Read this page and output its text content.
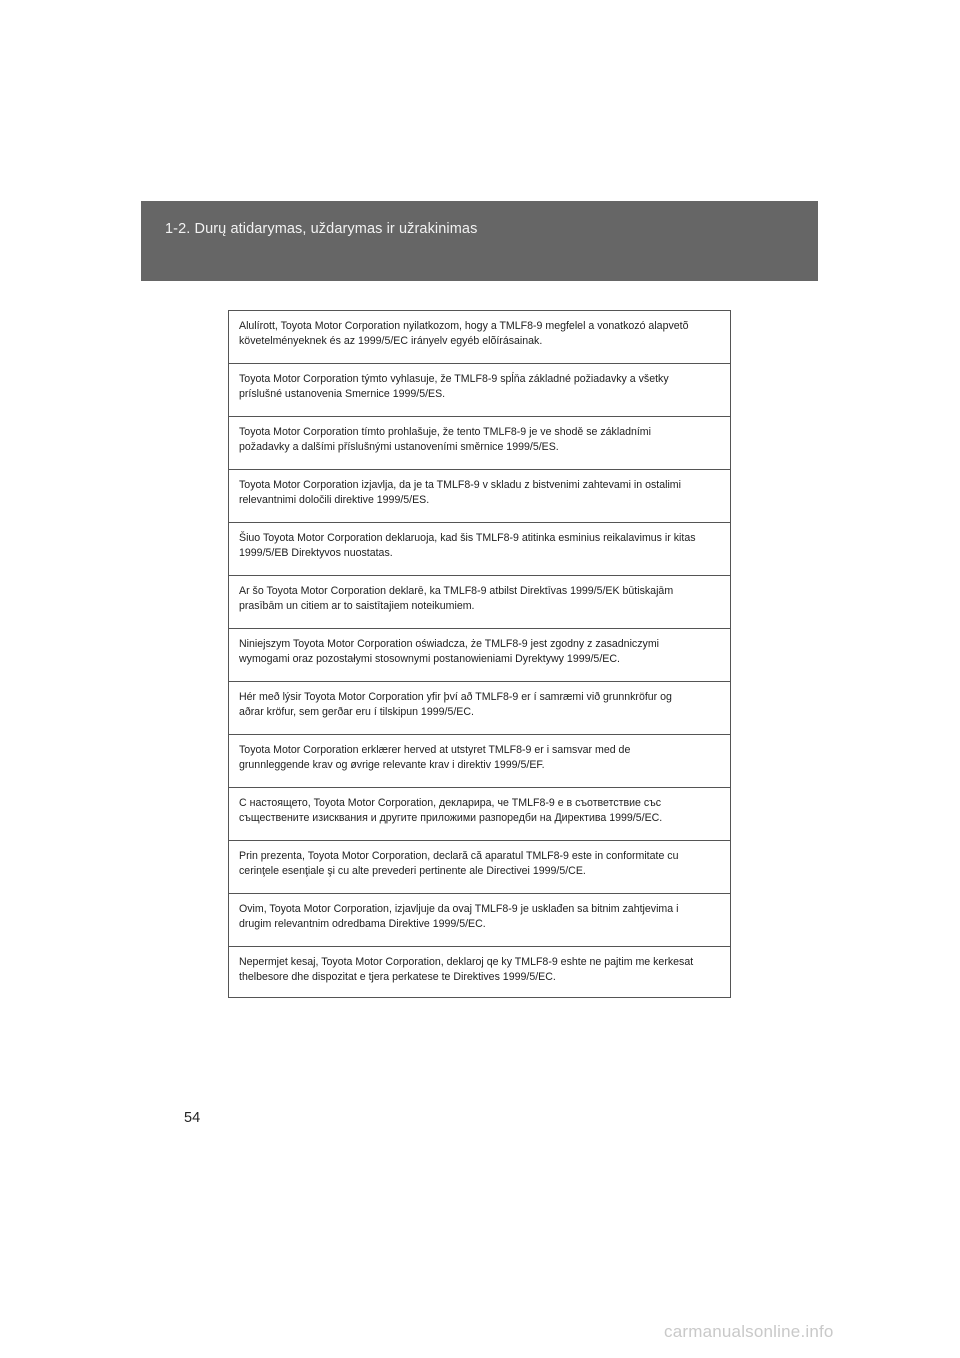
1-2. Durų atidarymas, uždarymas ir užrakinimas
Alulírott, Toyota Motor Corporation nyilatkozom, hogy a TMLF8-9 megfelel a vonatkozó alapvetõ
követelményeknek és az 1999/5/EC irányelv egyéb elõírásainak.
Toyota Motor Corporation týmto vyhlasuje, že TMLF8-9 spĺňa základné požiadavky a všetky
príslušné ustanovenia Smernice 1999/5/ES.
Toyota Motor Corporation tímto prohlašuje, že tento TMLF8-9 je ve shodě se základními
požadavky a dalšími příslušnými ustanoveními směrnice 1999/5/ES.
Toyota Motor Corporation izjavlja, da je ta TMLF8-9 v skladu z bistvenimi zahtevami in ostalimi
relevantnimi določili direktive 1999/5/ES.
Šiuo Toyota Motor Corporation deklaruoja, kad šis TMLF8-9 atitinka esminius reikalavimus ir kitas
1999/5/EB Direktyvos nuostatas.
Ar šo Toyota Motor Corporation deklarē, ka TMLF8-9 atbilst Direktīvas 1999/5/EK būtiskajām
prasībām un citiem ar to saistītajiem noteikumiem.
Niniejszym Toyota Motor Corporation oświadcza, że TMLF8-9 jest zgodny z zasadniczymi
wymogami oraz pozostałymi stosownymi postanowieniami Dyrektywy 1999/5/EC.
Hér með lýsir Toyota Motor Corporation yfir því að TMLF8-9 er í samræmi við grunnkröfur og
aðrar kröfur, sem gerðar eru í tilskipun 1999/5/EC.
Toyota Motor Corporation erklærer herved at utstyret TMLF8-9 er i samsvar med de
grunnleggende krav og øvrige relevante krav i direktiv 1999/5/EF.
С настоящето, Toyota Motor Corporation, декларира, че TMLF8-9 е в съответствие със
съществените изисквания и другите приложими разпоредби на Директива 1999/5/ЕС.
Prin prezenta, Toyota Motor Corporation, declară că aparatul TMLF8-9 este in conformitate cu
cerinţele esenţiale şi cu alte prevederi pertinente ale Directivei 1999/5/CE.
Ovim, Toyota Motor Corporation, izjavljuje da ovaj TMLF8-9 je usklađen sa bitnim zahtjevima i
drugim relevantnim odredbama Direktive 1999/5/EC.
Nepermjet kesaj, Toyota Motor Corporation, deklaroj qe ky TMLF8-9 eshte ne pajtim me kerkesat
thelbesore dhe dispozitat e tjera perkatese te Direktives 1999/5/EC.
54
carmanualsonline.info
